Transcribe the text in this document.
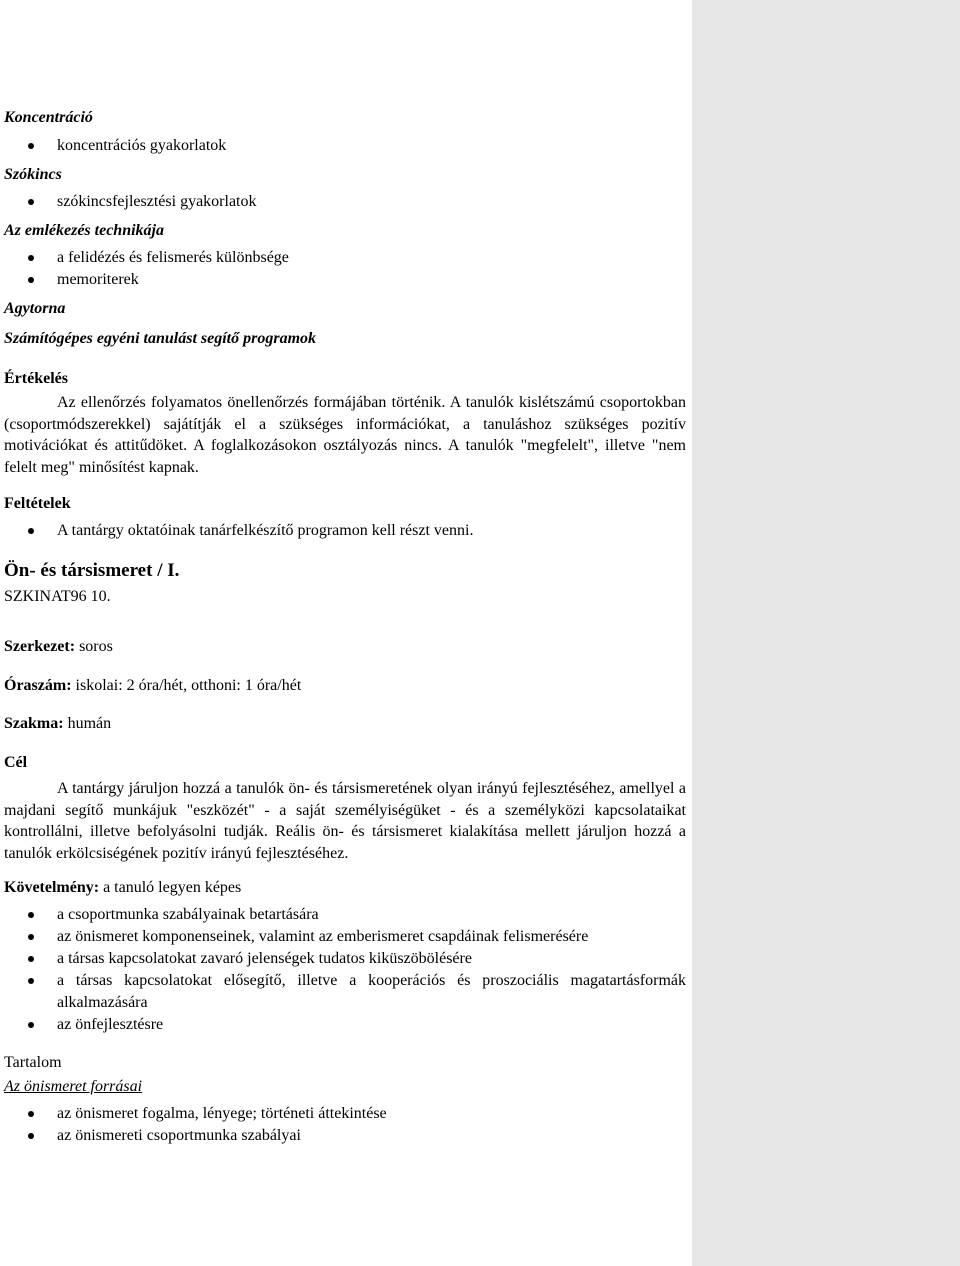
Koncentráció
koncentrációs gyakorlatok
Szókincs
szókincsfejlesztési gyakorlatok
Az emlékezés technikája
a felidézés és felismerés különbsége
memoriterek
Agytorna
Számítógépes egyéni tanulást segítő programok
Értékelés
Az ellenőrzés folyamatos önellenőrzés formájában történik. A tanulók kislétszámú csoportokban (csoportmódszerekkel) sajátítják el a szükséges információkat, a tanuláshoz szükséges pozitív motivációkat és attitűdöket. A foglalkozásokon osztályozás nincs. A tanulók "megfelelt", illetve "nem felelt meg" minősítést kapnak.
Feltételek
A tantárgy oktatóinak tanárfelkészítő programon kell részt venni.
Ön- és társismeret / I.
SZKINAT96 10.
Szerkezet: soros
Óraszám: iskolai: 2 óra/hét, otthoni: 1 óra/hét
Szakma: humán
Cél
A tantárgy járuljon hozzá a tanulók ön- és társismeretének olyan irányú fejlesztéséhez, amellyel a majdani segítő munkájuk "eszközét" - a saját személyiségüket - és a személyközi kapcsolataikat kontrollálni, illetve befolyásolni tudják. Reális ön- és társismeret kialakítása mellett járuljon hozzá a tanulók erkölcsiségének pozitív irányú fejlesztéséhez.
Követelmény: a tanuló legyen képes
a csoportmunka szabályainak betartására
az önismeret komponenseinek, valamint az emberismeret csapdáinak felismerésére
a társas kapcsolatokat zavaró jelenségek tudatos kiküszöbölésére
a társas kapcsolatokat elősegítő, illetve a kooperációs és proszociális magatartásformák alkalmazására
az önfejlesztésre
Tartalom
Az önismeret forrásai
az önismeret fogalma, lényege; történeti áttekintése
az önismereti csoportmunka szabályai
